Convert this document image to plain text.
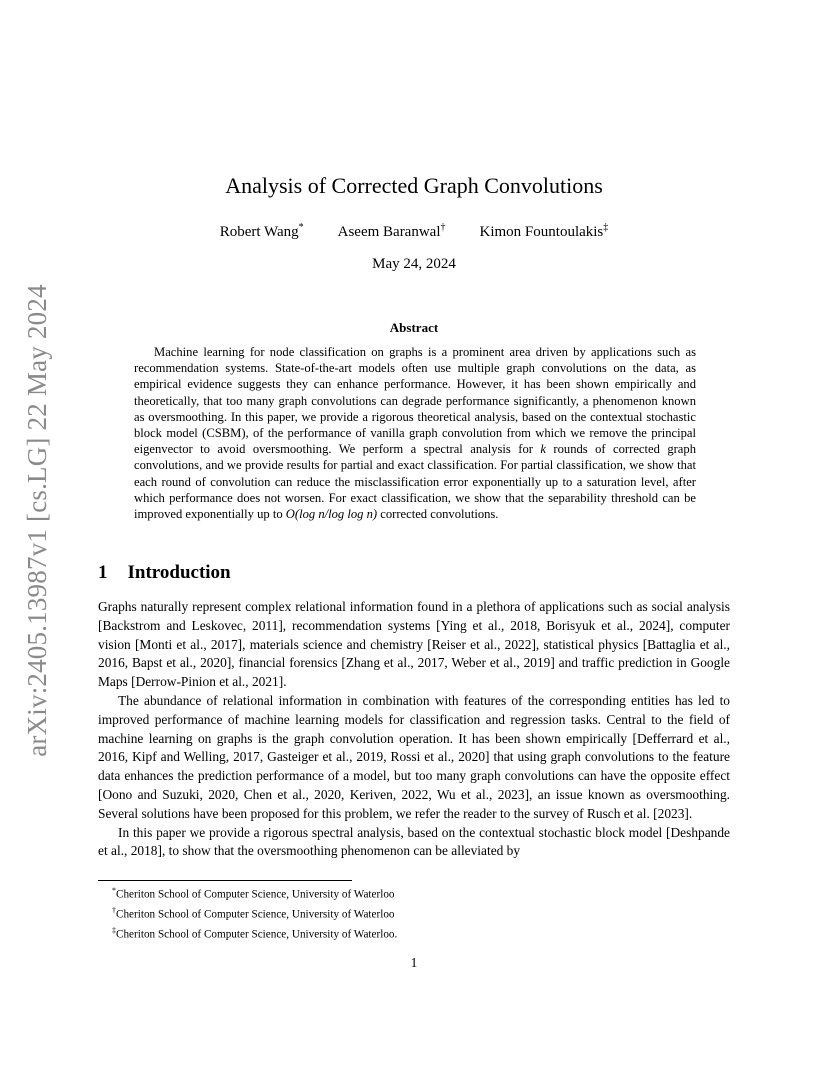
arXiv:2405.13987v1 [cs.LG] 22 May 2024
Analysis of Corrected Graph Convolutions
Robert Wang* Aseem Baranwal† Kimon Fountoulakis‡
May 24, 2024
Abstract

Machine learning for node classification on graphs is a prominent area driven by applications such as recommendation systems. State-of-the-art models often use multiple graph convolutions on the data, as empirical evidence suggests they can enhance performance. However, it has been shown empirically and theoretically, that too many graph convolutions can degrade performance significantly, a phenomenon known as oversmoothing. In this paper, we provide a rigorous theoretical analysis, based on the contextual stochastic block model (CSBM), of the performance of vanilla graph convolution from which we remove the principal eigenvector to avoid oversmoothing. We perform a spectral analysis for k rounds of corrected graph convolutions, and we provide results for partial and exact classification. For partial classification, we show that each round of convolution can reduce the misclassification error exponentially up to a saturation level, after which performance does not worsen. For exact classification, we show that the separability threshold can be improved exponentially up to O(log n/log log n) corrected convolutions.

1 Introduction

Graphs naturally represent complex relational information found in a plethora of applications such as social analysis [Backstrom and Leskovec, 2011], recommendation systems [Ying et al., 2018, Borisyuk et al., 2024], computer vision [Monti et al., 2017], materials science and chemistry [Reiser et al., 2022], statistical physics [Battaglia et al., 2016, Bapst et al., 2020], financial forensics [Zhang et al., 2017, Weber et al., 2019] and traffic prediction in Google Maps [Derrow-Pinion et al., 2021].

The abundance of relational information in combination with features of the corresponding entities has led to improved performance of machine learning models for classification and regression tasks. Central to the field of machine learning on graphs is the graph convolution operation. It has been shown empirically [Defferrard et al., 2016, Kipf and Welling, 2017, Gasteiger et al., 2019, Rossi et al., 2020] that using graph convolutions to the feature data enhances the prediction performance of a model, but too many graph convolutions can have the opposite effect [Oono and Suzuki, 2020, Chen et al., 2020, Keriven, 2022, Wu et al., 2023], an issue known as oversmoothing. Several solutions have been proposed for this problem, we refer the reader to the survey of Rusch et al. [2023].

In this paper we provide a rigorous spectral analysis, based on the contextual stochastic block model [Deshpande et al., 2018], to show that the oversmoothing phenomenon can be alleviated by

*Cheriton School of Computer Science, University of Waterloo
†Cheriton School of Computer Science, University of Waterloo
‡Cheriton School of Computer Science, University of Waterloo.
1
